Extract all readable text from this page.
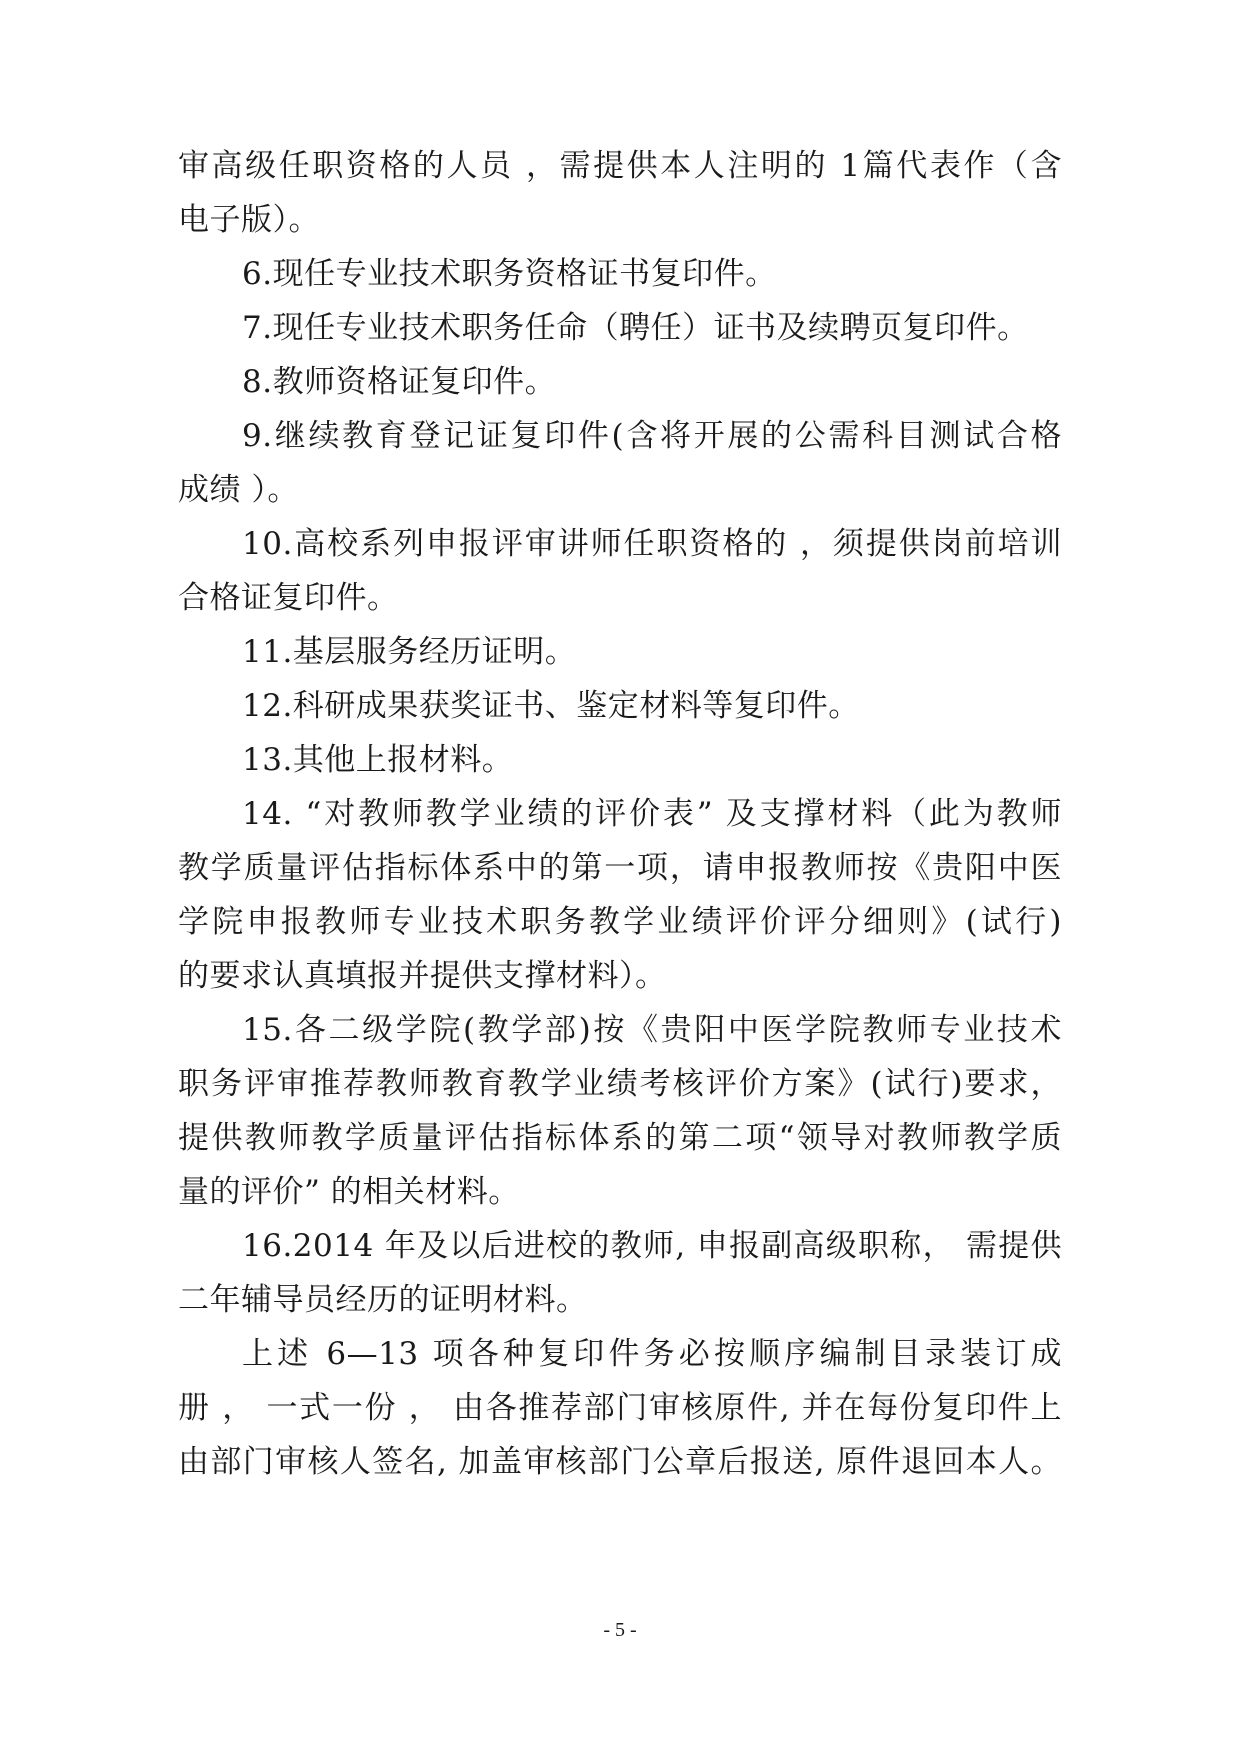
审高级任职资格的人员 ，需提供本人注明的 1篇代表作（含
电子版）。
6.现任专业技术职务资格证书复印件。
7.现任专业技术职务任命（聘任）证书及续聘页复印件。
8.教师资格证复印件。
9.继续教育登记证复印件(含将开展的公需科目测试合格
成绩 ）。
10.高校系列申报评审讲师任职资格的 ，须提供岗前培训
合格证复印件。
11.基层服务经历证明。
12.科研成果获奖证书、鉴定材料等复印件。
13.其他上报材料。
14. “对教师教学业绩的评价表” 及支撑材料（此为教师
教学质量评估指标体系中的第一项，请申报教师按《贵阳中医
学院申报教师专业技术职务教学业绩评价评分细则》(试行)
的要求认真填报并提供支撑材料）。
15.各二级学院(教学部)按《贵阳中医学院教师专业技术
职务评审推荐教师教育教学业绩考核评价方案》(试行)要求，
提供教师教学质量评估指标体系的第二项“领导对教师教学质
量的评价” 的相关材料。
16.2014 年及以后进校的教师, 申报副高级职称， 需提供
二年辅导员经历的证明材料。
上述 6—13 项各种复印件务必按顺序编制目录装订成
册 ， 一式一份 ， 由各推荐部门审核原件, 并在每份复印件上
由部门审核人签名, 加盖审核部门公章后报送, 原件退回本人。
- 5 -
